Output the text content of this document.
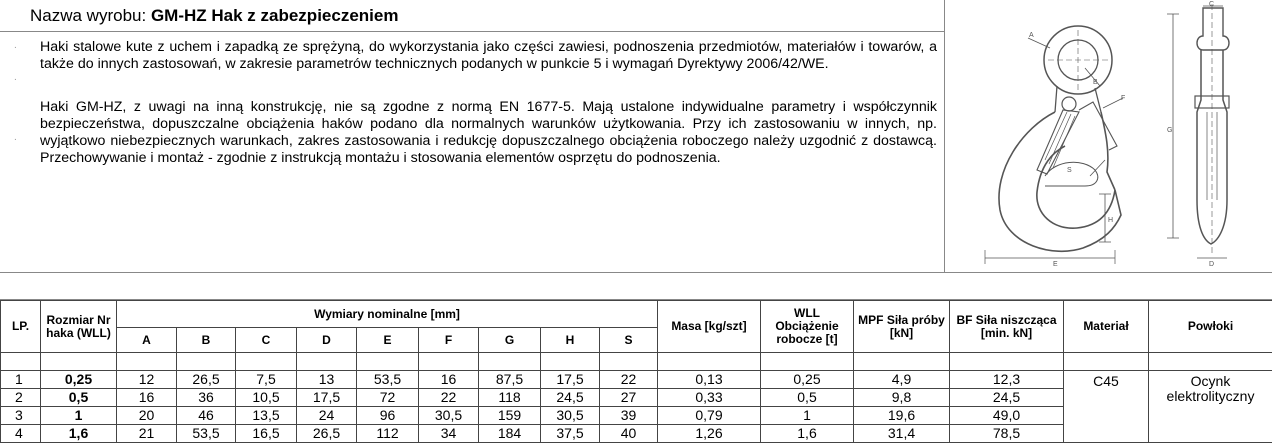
Nazwa wyrobu: GM-HZ Hak z zabezpieczeniem
.
.
.
Haki stalowe kute z uchem i zapadką ze sprężyną, do wykorzystania jako części zawiesi, podnoszenia przedmiotów, materiałów i towarów, a także do innych zastosowań, w zakresie parametrów technicznych podanych w punkcie 5 i wymagań Dyrektywy 2006/42/WE.
Haki GM-HZ, z uwagi na inną konstrukcję, nie są zgodne z normą EN 1677-5. Mają ustalone indywidualne parametry i współczynnik bezpieczeństwa, dopuszczalne obciążenia haków podano dla normalnych warunków użytkowania. Przy ich zastosowaniu w innych, np. wyjątkowo niebezpiecznych warunkach, zakres zastosowania i redukcję dopuszczalnego obciążenia roboczego należy uzgodnić z dostawcą. Przechowywanie i montaż - zgodnie z instrukcją montażu i stosowania elementów osprzętu do podnoszenia.
A
B
C
D
E
F
G
H
S
LP.	Rozmiar Nr haka (WLL)	Wymiary nominalne [mm]									Masa [kg/szt]	WLL Obciążenie robocze [t]	MPF Siła próby [kN]	BF Siła niszcząca [min. kN]	Materiał	Powłoki
		A	B	C	D	E	F	G	H	S						

1	0,25	12	26,5	7,5	13	53,5	16	87,5	17,5	22	0,13	0,25	4,9	12,3	C45	Ocynk elektrolityczny
2	0,5	16	36	10,5	17,5	72	22	118	24,5	27	0,33	0,5	9,8	24,5		
3	1	20	46	13,5	24	96	30,5	159	30,5	39	0,79	1	19,6	49,0		
4	1,6	21	53,5	16,5	26,5	112	34	184	37,5	40	1,26	1,6	31,4	78,5		
